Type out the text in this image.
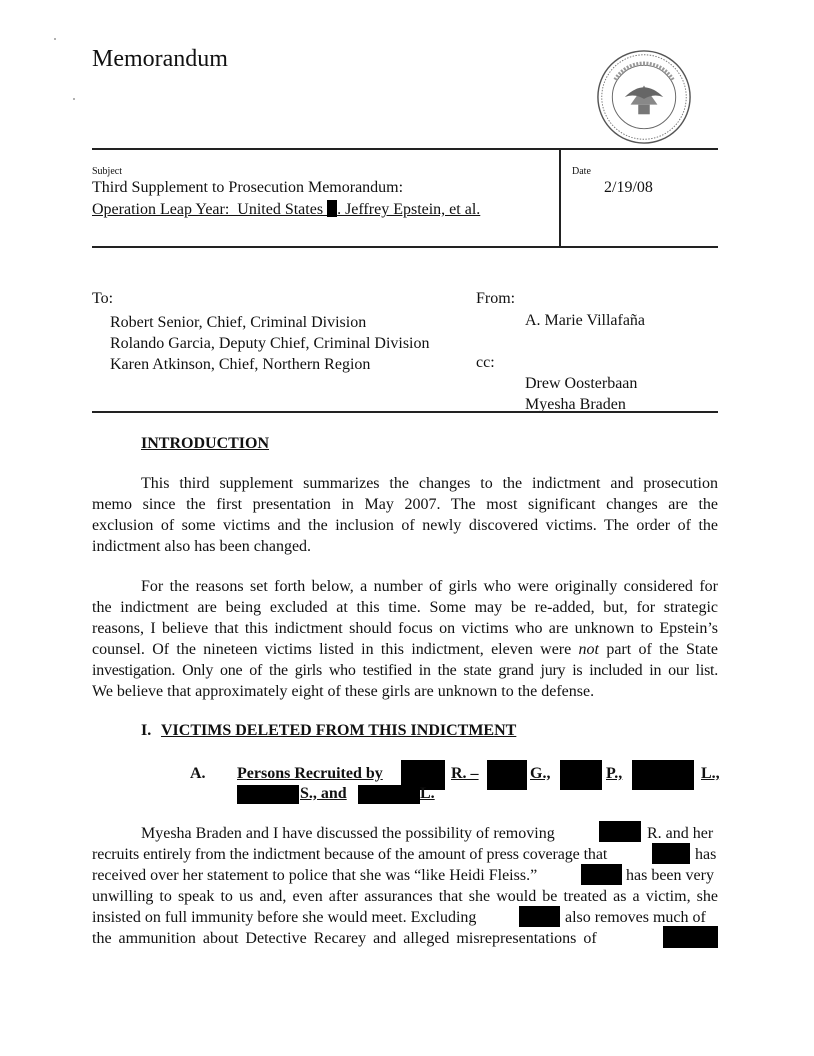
Memorandum
Subject
Third Supplement to Prosecution Memorandum:
Operation Leap Year:  United States . Jeffrey Epstein, et al.
Date
2/19/08
To:
Robert Senior, Chief, Criminal Division
Rolando Garcia, Deputy Chief, Criminal Division
Karen Atkinson, Chief, Northern Region
From:
A. Marie Villafaña
cc:
Drew Oosterbaan
Myesha Braden
INTRODUCTION
This third supplement summarizes the changes to the indictment and prosecution
memo since the first presentation in May 2007. The most significant changes are the
exclusion of some victims and the inclusion of newly discovered victims. The order of the
indictment also has been changed.
For the reasons set forth below, a number of girls who were originally considered for
the indictment are being excluded at this time. Some may be re-added, but, for strategic
reasons, I believe that this indictment should focus on victims who are unknown to Epstein’s
counsel. Of the nineteen victims listed in this indictment, eleven were not part of the State
investigation. Only one of the girls who testified in the state grand jury is included in our list.
We believe that approximately eight of these girls are unknown to the defense.
I. VICTIMS DELETED FROM THIS INDICTMENT
A. Persons Recruited by	R. –	G.,	P.,	L.,
S., and	L.
Myesha Braden and I have discussed the possibility of removing	R. and her
recruits entirely from the indictment because of the amount of press coverage that	has
received over her statement to police that she was “like Heidi Fleiss.”	has been very
unwilling to speak to us and, even after assurances that she would be treated as a victim, she
insisted on full immunity before she would meet. Excluding	also removes much of
the ammunition about Detective Recarey and alleged misrepresentations of
